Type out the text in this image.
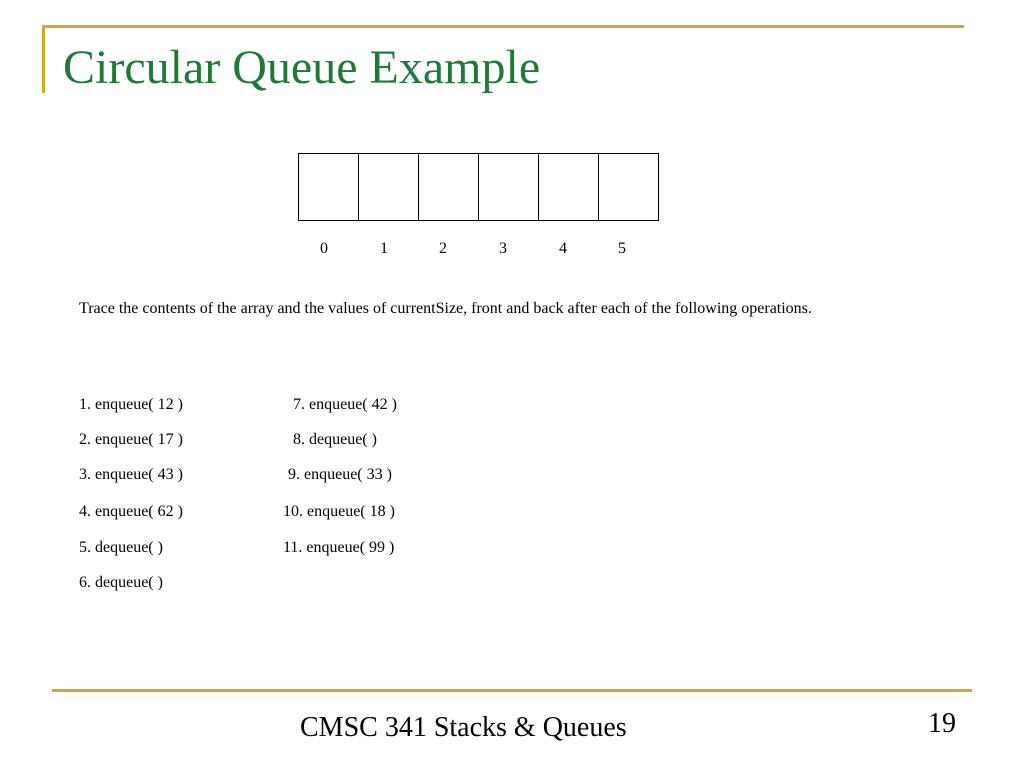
Circular Queue Example
0	1	2	3	4	5

Trace the contents of the array and the values of currentSize, front and back after each of the following operations.

1. enqueue( 12 )
2. enqueue( 17 )
3. enqueue( 43 )
4. enqueue( 62 )
5. dequeue( )
6. dequeue( )
7. enqueue( 42 )
8. dequeue( )
9. enqueue( 33 )
10. enqueue( 18 )
11. enqueue( 99 )
CMSC 341 Stacks & Queues	19
